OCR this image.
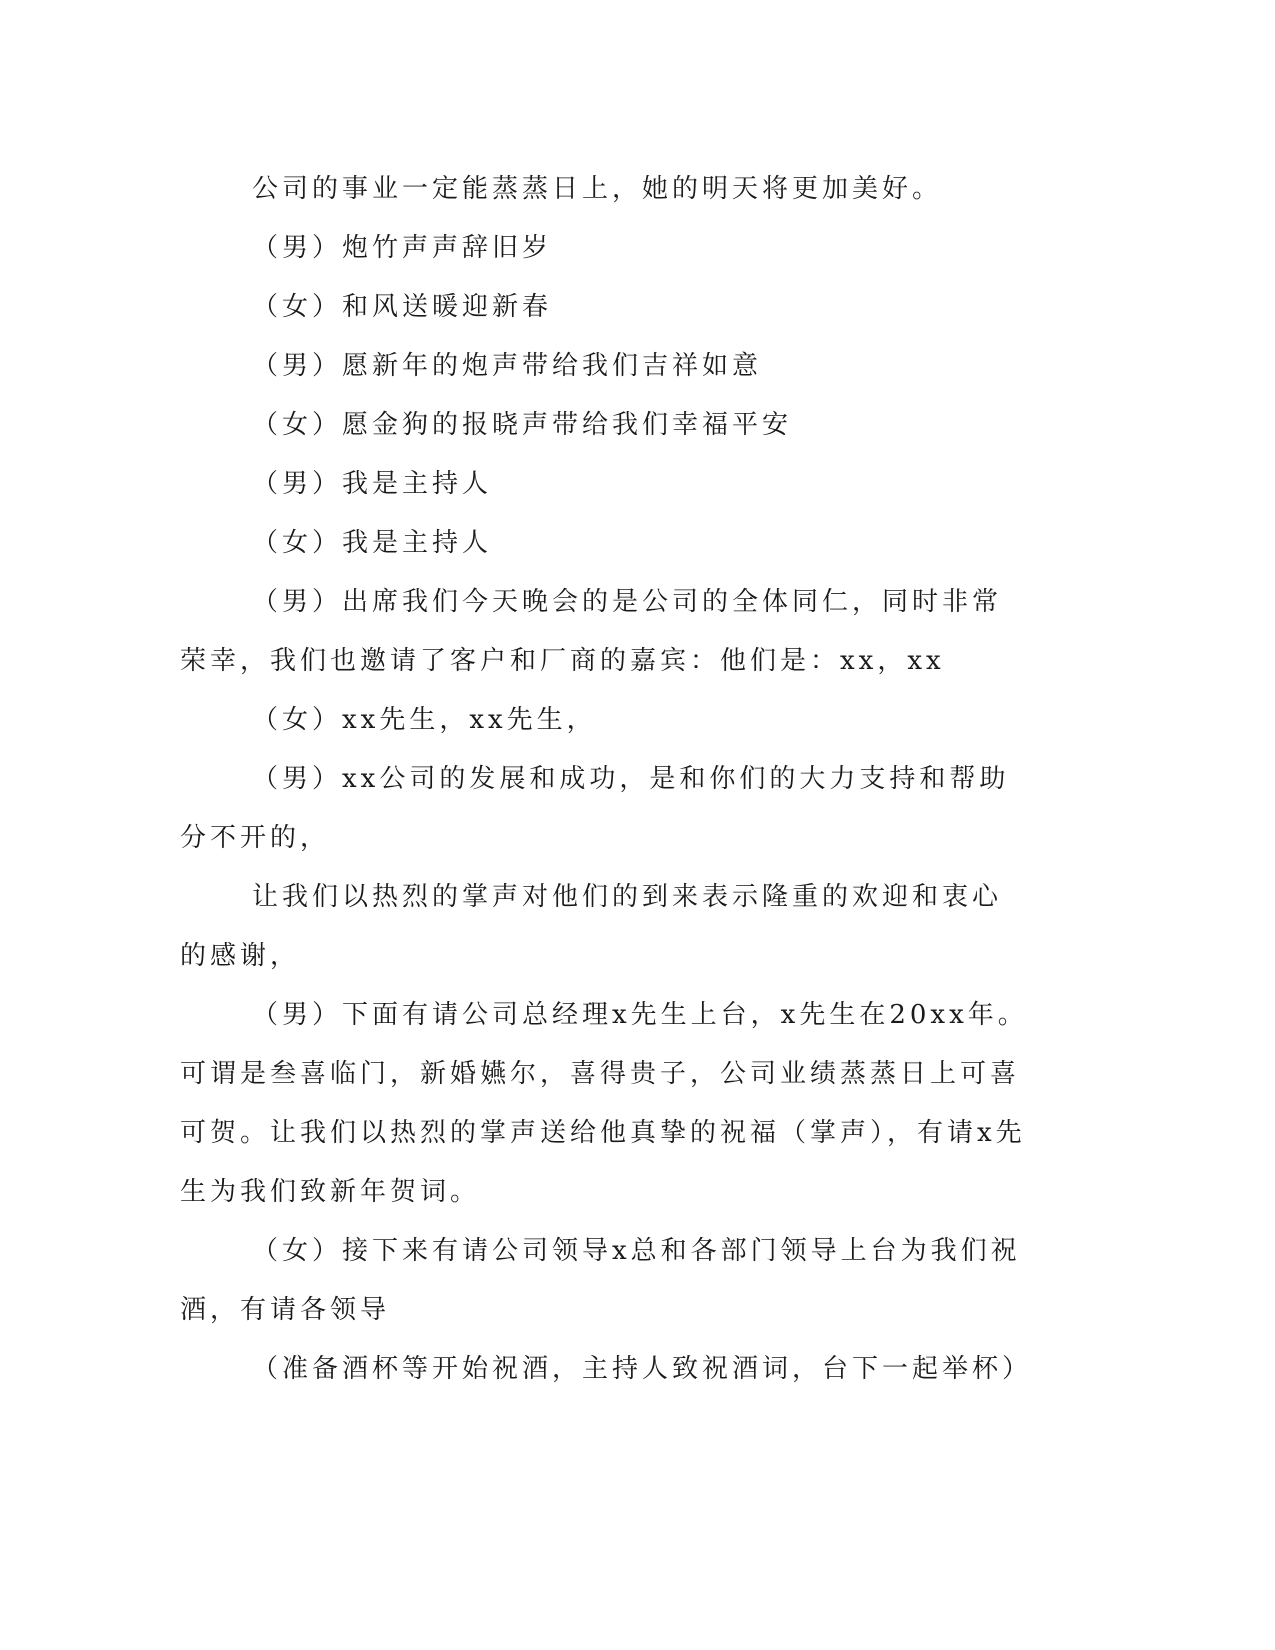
公司的事业一定能蒸蒸日上，她的明天将更加美好。

（男）炮竹声声辞旧岁

（女）和风送暖迎新春

（男）愿新年的炮声带给我们吉祥如意

（女）愿金狗的报晓声带给我们幸福平安

（男）我是主持人

（女）我是主持人

（男）出席我们今天晚会的是公司的全体同仁，同时非常荣幸，我们也邀请了客户和厂商的嘉宾：他们是：xx，xx

（女）xx先生，xx先生，

（男）xx公司的发展和成功，是和你们的大力支持和帮助分不开的，

让我们以热烈的掌声对他们的到来表示隆重的欢迎和衷心的感谢，

（男）下面有请公司总经理x先生上台，x先生在20xx年。可谓是叁喜临门，新婚嬿尔，喜得贵子，公司业绩蒸蒸日上可喜可贺。让我们以热烈的掌声送给他真挚的祝福（掌声），有请x先生为我们致新年贺词。

（女）接下来有请公司领导x总和各部门领导上台为我们祝酒，有请各领导

（准备酒杯等开始祝酒，主持人致祝酒词，台下一起举杯）
